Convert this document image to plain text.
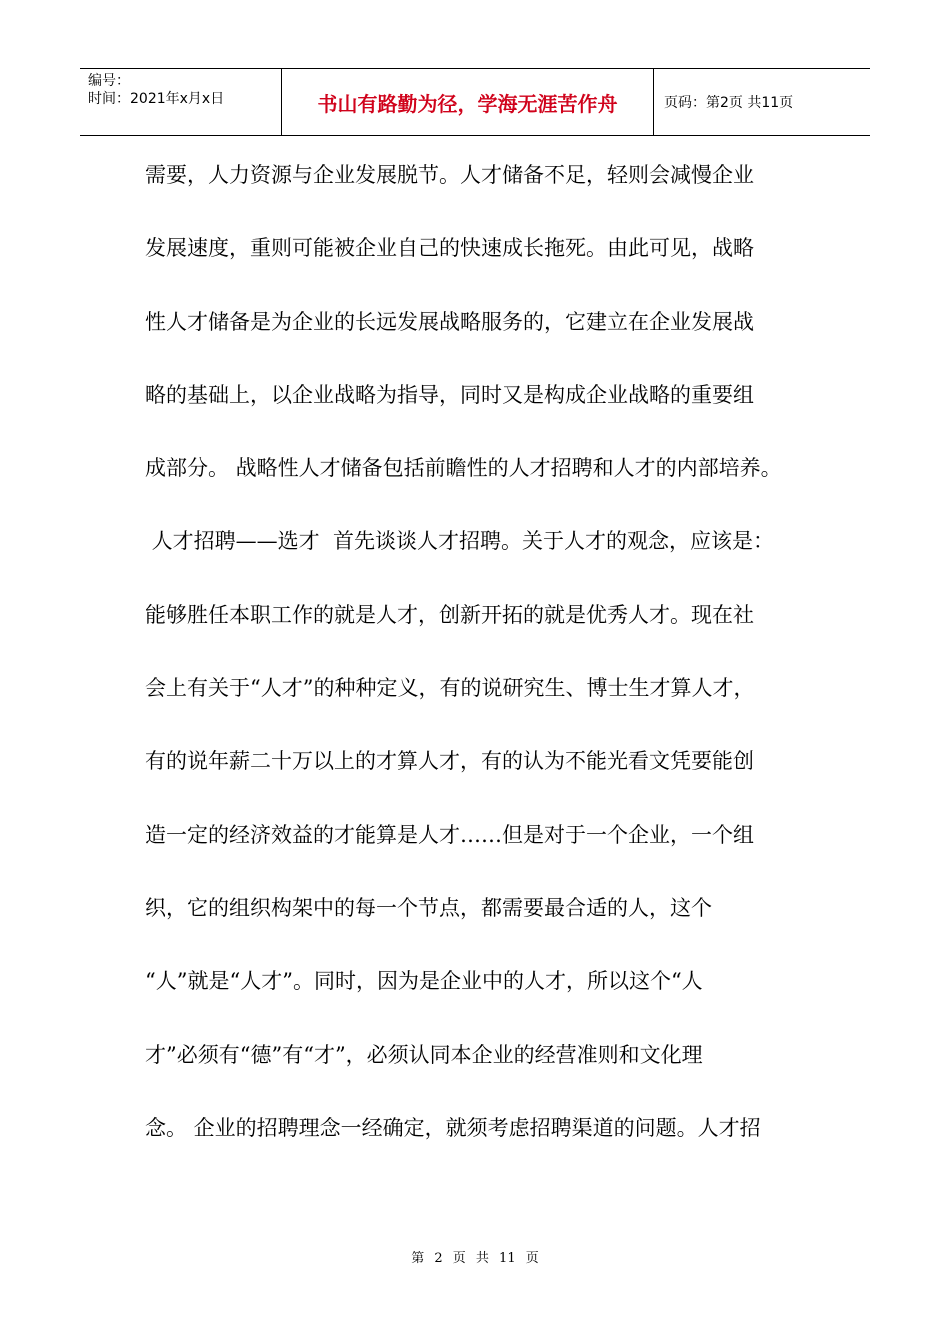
编号：
时间：2021年x月x日	书山有路勤为径，学海无涯苦作舟	页码：第2页 共11页
需要，人力资源与企业发展脱节。人才储备不足，轻则会减慢企业
发展速度，重则可能被企业自己的快速成长拖死。由此可见，战略
性人才储备是为企业的长远发展战略服务的，它建立在企业发展战
略的基础上，以企业战略为指导，同时又是构成企业战略的重要组
成部分。 战略性人才储备包括前瞻性的人才招聘和人才的内部培养。
人才招聘——选才  首先谈谈人才招聘。关于人才的观念，应该是：
能够胜任本职工作的就是人才，创新开拓的就是优秀人才。现在社
会上有关于“人才”的种种定义，有的说研究生、博士生才算人才，
有的说年薪二十万以上的才算人才，有的认为不能光看文凭要能创
造一定的经济效益的才能算是人才……但是对于一个企业，一个组
织，它的组织构架中的每一个节点，都需要最合适的人，这个
“人”就是“人才”。同时，因为是企业中的人才，所以这个“人
才”必须有“德”有“才”，必须认同本企业的经营准则和文化理
念。 企业的招聘理念一经确定，就须考虑招聘渠道的问题。人才招
第 2 页 共 11 页
